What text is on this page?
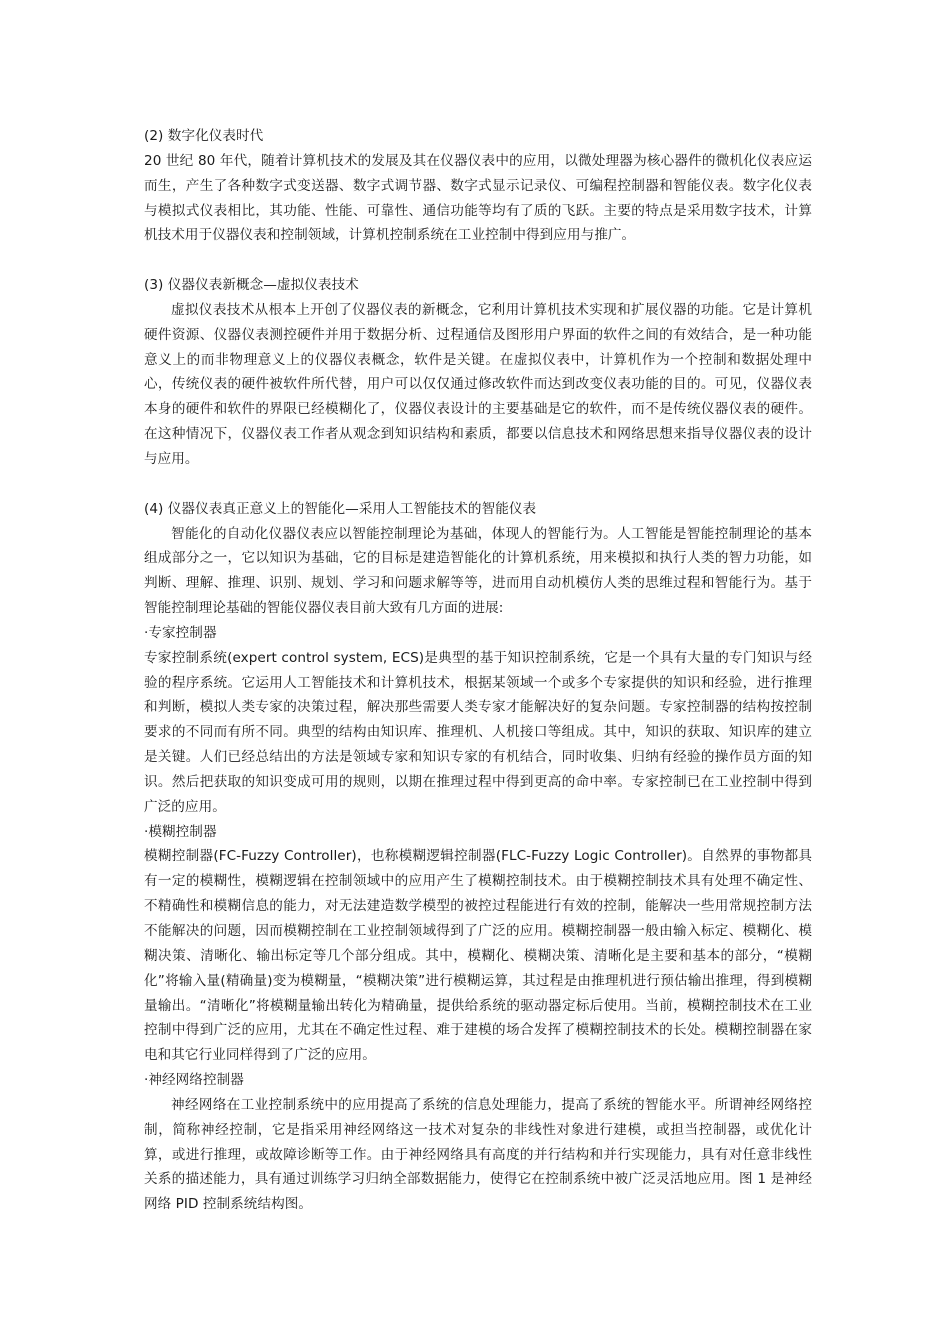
(2) 数字化仪表时代

20 世纪 80 年代，随着计算机技术的发展及其在仪器仪表中的应用，以微处理器为核心器件的微机化仪表应运而生，产生了各种数字式变送器、数字式调节器、数字式显示记录仪、可编程控制器和智能仪表。数字化仪表与模拟式仪表相比，其功能、性能、可靠性、通信功能等均有了质的飞跃。主要的特点是采用数字技术，计算机技术用于仪器仪表和控制领域，计算机控制系统在工业控制中得到应用与推广。

(3) 仪器仪表新概念—虚拟仪表技术

虚拟仪表技术从根本上开创了仪器仪表的新概念，它利用计算机技术实现和扩展仪器的功能。它是计算机硬件资源、仪器仪表测控硬件并用于数据分析、过程通信及图形用户界面的软件之间的有效结合，是一种功能意义上的而非物理意义上的仪器仪表概念，软件是关键。在虚拟仪表中，计算机作为一个控制和数据处理中心，传统仪表的硬件被软件所代替，用户可以仅仅通过修改软件而达到改变仪表功能的目的。可见，仪器仪表本身的硬件和软件的界限已经模糊化了，仪器仪表设计的主要基础是它的软件，而不是传统仪器仪表的硬件。在这种情况下，仪器仪表工作者从观念到知识结构和素质，都要以信息技术和网络思想来指导仪器仪表的设计与应用。

(4) 仪器仪表真正意义上的智能化—采用人工智能技术的智能仪表

智能化的自动化仪器仪表应以智能控制理论为基础，体现人的智能行为。人工智能是智能控制理论的基本组成部分之一，它以知识为基础，它的目标是建造智能化的计算机系统，用来模拟和执行人类的智力功能，如判断、理解、推理、识别、规划、学习和问题求解等等，进而用自动机模仿人类的思维过程和智能行为。基于智能控制理论基础的智能仪器仪表目前大致有几方面的进展:

·专家控制器

专家控制系统(expert control system, ECS)是典型的基于知识控制系统，它是一个具有大量的专门知识与经验的程序系统。它运用人工智能技术和计算机技术，根据某领域一个或多个专家提供的知识和经验，进行推理和判断，模拟人类专家的决策过程，解决那些需要人类专家才能解决好的复杂问题。专家控制器的结构按控制要求的不同而有所不同。典型的结构由知识库、推理机、人机接口等组成。其中，知识的获取、知识库的建立是关键。人们已经总结出的方法是领域专家和知识专家的有机结合，同时收集、归纳有经验的操作员方面的知识。然后把获取的知识变成可用的规则，以期在推理过程中得到更高的命中率。专家控制已在工业控制中得到广泛的应用。

·模糊控制器

模糊控制器(FC-Fuzzy Controller)，也称模糊逻辑控制器(FLC-Fuzzy Logic Controller)。自然界的事物都具有一定的模糊性，模糊逻辑在控制领域中的应用产生了模糊控制技术。由于模糊控制技术具有处理不确定性、不精确性和模糊信息的能力，对无法建造数学模型的被控过程能进行有效的控制，能解决一些用常规控制方法不能解决的问题，因而模糊控制在工业控制领域得到了广泛的应用。模糊控制器一般由输入标定、模糊化、模糊决策、清晰化、输出标定等几个部分组成。其中，模糊化、模糊决策、清晰化是主要和基本的部分，“模糊化”将输入量(精确量)变为模糊量，“模糊决策”进行模糊运算，其过程是由推理机进行预估输出推理，得到模糊量输出。“清晰化”将模糊量输出转化为精确量，提供给系统的驱动器定标后使用。当前，模糊控制技术在工业控制中得到广泛的应用，尤其在不确定性过程、难于建模的场合发挥了模糊控制技术的长处。模糊控制器在家电和其它行业同样得到了广泛的应用。

·神经网络控制器

神经网络在工业控制系统中的应用提高了系统的信息处理能力，提高了系统的智能水平。所谓神经网络控制，简称神经控制，它是指采用神经网络这一技术对复杂的非线性对象进行建模，或担当控制器，或优化计算，或进行推理，或故障诊断等工作。由于神经网络具有高度的并行结构和并行实现能力，具有对任意非线性关系的描述能力，具有通过训练学习归纳全部数据能力，使得它在控制系统中被广泛灵活地应用。图 1 是神经网络 PID 控制系统结构图。
